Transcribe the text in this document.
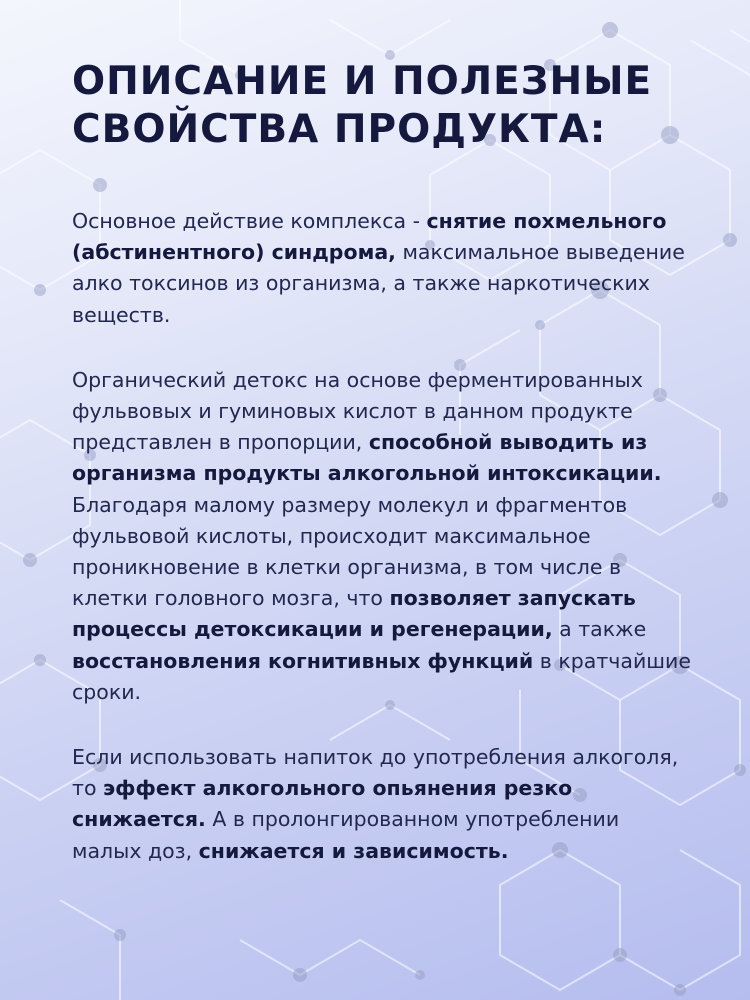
ОПИСАНИЕ И ПОЛЕЗНЫЕ
СВОЙСТВА ПРОДУКТА:

Основное действие комплекса - снятие похмельного (абстинентного) синдрома, максимальное выведение алко токсинов из организма, а также наркотических веществ.

Органический детокс на основе ферментированных фульвовых и гуминовых кислот в данном продукте представлен в пропорции, способной выводить из организма продукты алкогольной интоксикации. Благодаря малому размеру молекул и фрагментов фульвовой кислоты, происходит максимальное проникновение в клетки организма, в том числе в клетки головного мозга, что позволяет запускать процессы детоксикации и регенерации, а также восстановления когнитивных функций в кратчайшие сроки.

Если использовать напиток до употребления алкоголя, то эффект алкогольного опьянения резко снижается. А в пролонгированном употреблении малых доз, снижается и зависимость.
